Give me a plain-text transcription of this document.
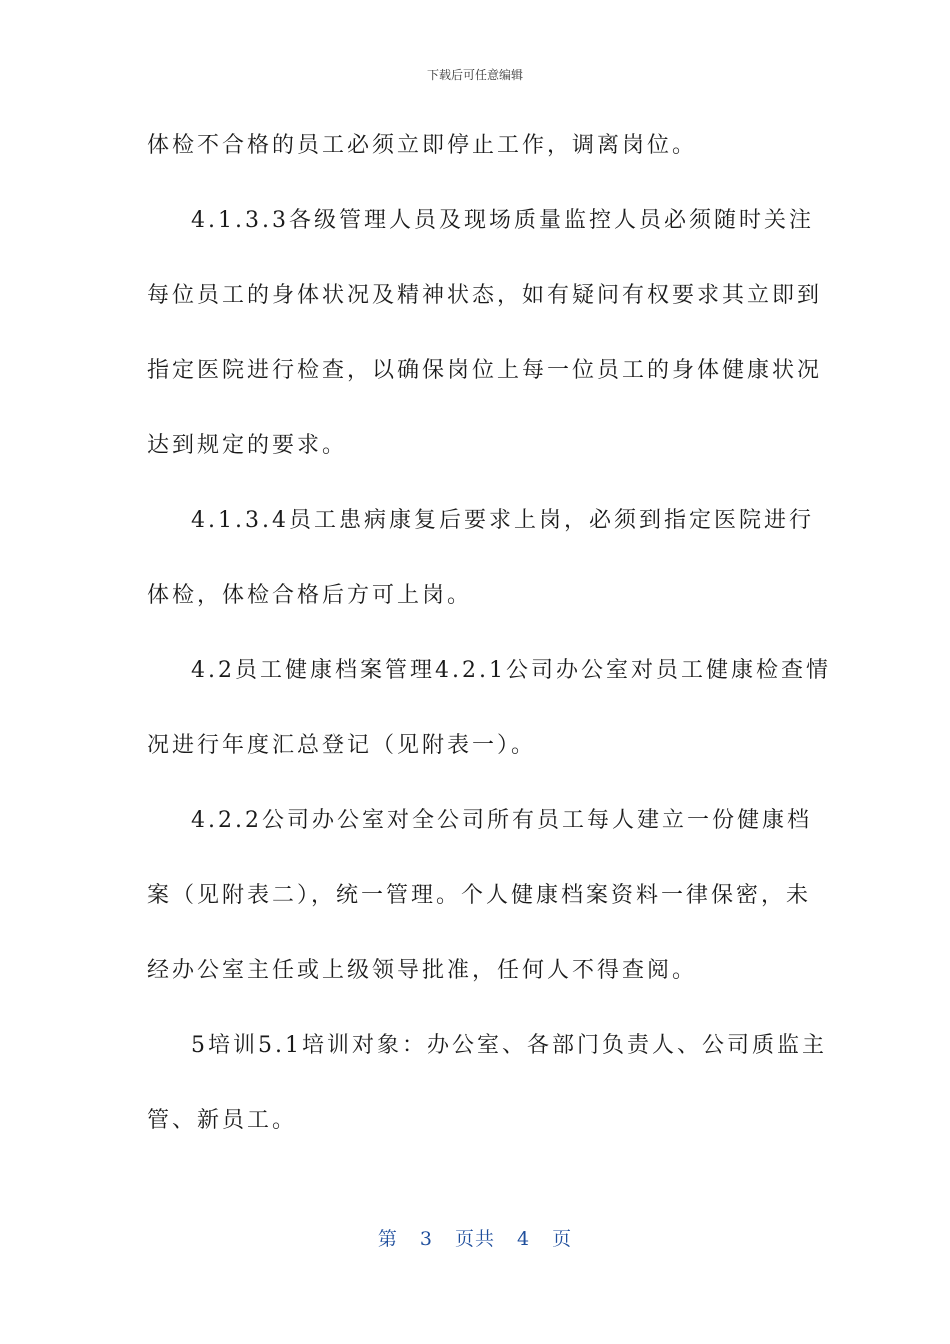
下载后可任意编辑
体检不合格的员工必须立即停止工作，调离岗位。
4.1.3.3各级管理人员及现场质量监控人员必须随时关注
每位员工的身体状况及精神状态，如有疑问有权要求其立即到
指定医院进行检查，以确保岗位上每一位员工的身体健康状况
达到规定的要求。
4.1.3.4员工患病康复后要求上岗，必须到指定医院进行
体检，体检合格后方可上岗。
4.2员工健康档案管理4.2.1公司办公室对员工健康检查情
况进行年度汇总登记（见附表一）。
4.2.2公司办公室对全公司所有员工每人建立一份健康档
案（见附表二），统一管理。个人健康档案资料一律保密，未
经办公室主任或上级领导批准，任何人不得查阅。
5培训5.1培训对象：办公室、各部门负责人、公司质监主
管、新员工。
第 3 页共 4 页
